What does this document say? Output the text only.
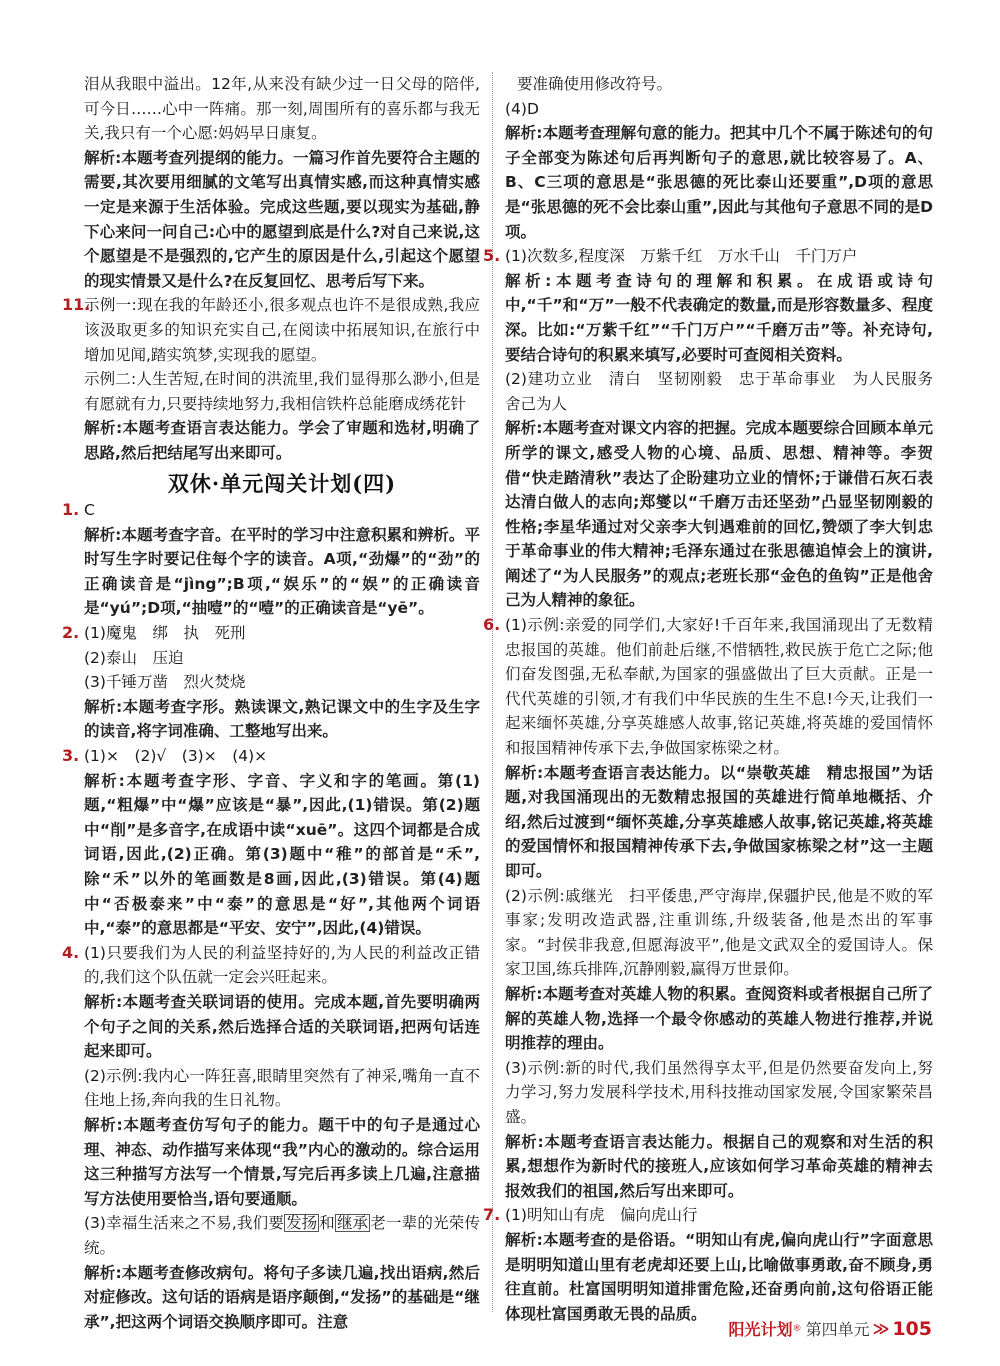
泪从我眼中溢出。12年,从来没有缺少过一日父母的陪伴,可今日……心中一阵痛。那一刻,周围所有的喜乐都与我无关,我只有一个心愿:妈妈早日康复。

解析:本题考查列提纲的能力。一篇习作首先要符合主题的需要,其次要用细腻的文笔写出真情实感,而这种真情实感一定是来源于生活体验。完成这些题,要以现实为基础,静下心来问一问自己:心中的愿望到底是什么?对自己来说,这个愿望是不是强烈的,它产生的原因是什么,引起这个愿望的现实情景又是什么?在反复回忆、思考后写下来。

11.

示例一:现在我的年龄还小,很多观点也许不是很成熟,我应该汲取更多的知识充实自己,在阅读中拓展知识,在旅行中增加见闻,踏实筑梦,实现我的愿望。

示例二:人生苦短,在时间的洪流里,我们显得那么渺小,但是有愿就有力,只要持续地努力,我相信铁杵总能磨成绣花针

解析:本题考查语言表达能力。学会了审题和选材,明确了思路,然后把结尾写出来即可。

双休·单元闯关计划(四)
1. C

解析:本题考查字音。在平时的学习中注意积累和辨析。平时写生字时要记住每个字的读音。A项,“劲爆”的“劲”的正确读音是“jìng”;B项,“娱乐”的“娱”的正确读音是“yú”;D项,“抽噎”的“噎”的正确读音是“yē”。

2. (1)魔鬼　绑　执　死刑

(2)泰山　压迫

(3)千锤万凿　烈火焚烧

解析:本题考查字形。熟读课文,熟记课文中的生字及生字的读音,将字词准确、工整地写出来。

3. (1)×　(2)√　(3)×　(4)×

解析:本题考查字形、字音、字义和字的笔画。第(1)题,“粗爆”中“爆”应该是“暴”,因此,(1)错误。第(2)题中“削”是多音字,在成语中读“xuē”。这四个词都是合成词语,因此,(2)正确。第(3)题中“稚”的部首是“禾”,除“禾”以外的笔画数是8画,因此,(3)错误。第(4)题中“否极泰来”中“泰”的意思是“好”,其他两个词语中,“泰”的意思都是“平安、安宁”,因此,(4)错误。

4. (1)只要我们为人民的利益坚持好的,为人民的利益改正错的,我们这个队伍就一定会兴旺起来。

解析:本题考查关联词语的使用。完成本题,首先要明确两个句子之间的关系,然后选择合适的关联词语,把两句话连起来即可。

(2)示例:我内心一阵狂喜,眼睛里突然有了神采,嘴角一直不住地上扬,奔向我的生日礼物。

解析:本题考查仿写句子的能力。题干中的句子是通过心理、神态、动作描写来体现“我”内心的激动的。综合运用这三种描写方法写一个情景,写完后再多读上几遍,注意描写方法使用要恰当,语句要通顺。

(3)幸福生活来之不易,我们要 发扬 和 继承 老一辈的光荣传统。

解析:本题考查修改病句。将句子多读几遍,找出语病,然后对症修改。这句话的语病是语序颠倒,“发扬”的基础是“继承”,把这两个词语交换顺序即可。注意

要准确使用修改符号。

(4)D

解析:本题考查理解句意的能力。把其中几个不属于陈述句的句子全部变为陈述句后再判断句子的意思,就比较容易了。A、B、C三项的意思是“张思德的死比泰山还要重”,D项的意思是“张思德的死不会比泰山重”,因此与其他句子意思不同的是D项。

5. (1)次数多,程度深　万紫千红　万水千山　千门万户

解析:本题考查诗句的理解和积累。在成语或诗句中,“千”和“万”一般不代表确定的数量,而是形容数量多、程度深。比如:“万紫千红”“千门万户”“千磨万击”等。补充诗句,要结合诗句的积累来填写,必要时可查阅相关资料。

(2)建功立业　清白　坚韧刚毅　忠于革命事业　为人民服务　舍己为人

解析:本题考查对课文内容的把握。完成本题要综合回顾本单元所学的课文,感受人物的心境、品质、思想、精神等。李贺借“快走踏清秋”表达了企盼建功立业的情怀;于谦借石灰石表达清白做人的志向;郑燮以“千磨万击还坚劲”凸显坚韧刚毅的性格;李星华通过对父亲李大钊遇难前的回忆,赞颂了李大钊忠于革命事业的伟大精神;毛泽东通过在张思德追悼会上的演讲,阐述了“为人民服务”的观点;老班长那“金色的鱼钩”正是他舍己为人精神的象征。

6. (1)示例:亲爱的同学们,大家好!千百年来,我国涌现出了无数精忠报国的英雄。他们前赴后继,不惜牺牲,救民族于危亡之际;他们奋发图强,无私奉献,为国家的强盛做出了巨大贡献。正是一代代英雄的引领,才有我们中华民族的生生不息!今天,让我们一起来缅怀英雄,分享英雄感人故事,铭记英雄,将英雄的爱国情怀和报国精神传承下去,争做国家栋梁之材。

解析:本题考查语言表达能力。以“崇敬英雄　精忠报国”为话题,对我国涌现出的无数精忠报国的英雄进行简单地概括、介绍,然后过渡到“缅怀英雄,分享英雄感人故事,铭记英雄,将英雄的爱国情怀和报国精神传承下去,争做国家栋梁之材”这一主题即可。

(2)示例:戚继光　扫平倭患,严守海岸,保疆护民,他是不败的军事家;发明改造武器,注重训练,升级装备,他是杰出的军事家。“封侯非我意,但愿海波平”,他是文武双全的爱国诗人。保家卫国,练兵排阵,沉静刚毅,赢得万世景仰。

解析:本题考查对英雄人物的积累。查阅资料或者根据自己所了解的英雄人物,选择一个最令你感动的英雄人物进行推荐,并说明推荐的理由。

(3)示例:新的时代,我们虽然得享太平,但是仍然要奋发向上,努力学习,努力发展科学技术,用科技推动国家发展,令国家繁荣昌盛。

解析:本题考查语言表达能力。根据自己的观察和对生活的积累,想想作为新时代的接班人,应该如何学习革命英雄的精神去报效我们的祖国,然后写出来即可。

7. (1)明知山有虎　偏向虎山行

解析:本题考查的是俗语。“明知山有虎,偏向虎山行”字面意思是明明知道山里有老虎却还要上山,比喻做事勇敢,奋不顾身,勇往直前。杜富国明明知道排雷危险,还奋勇向前,这句俗语正能体现杜富国勇敢无畏的品质。

阳光计划 ® 第四单元 ≫ 105
